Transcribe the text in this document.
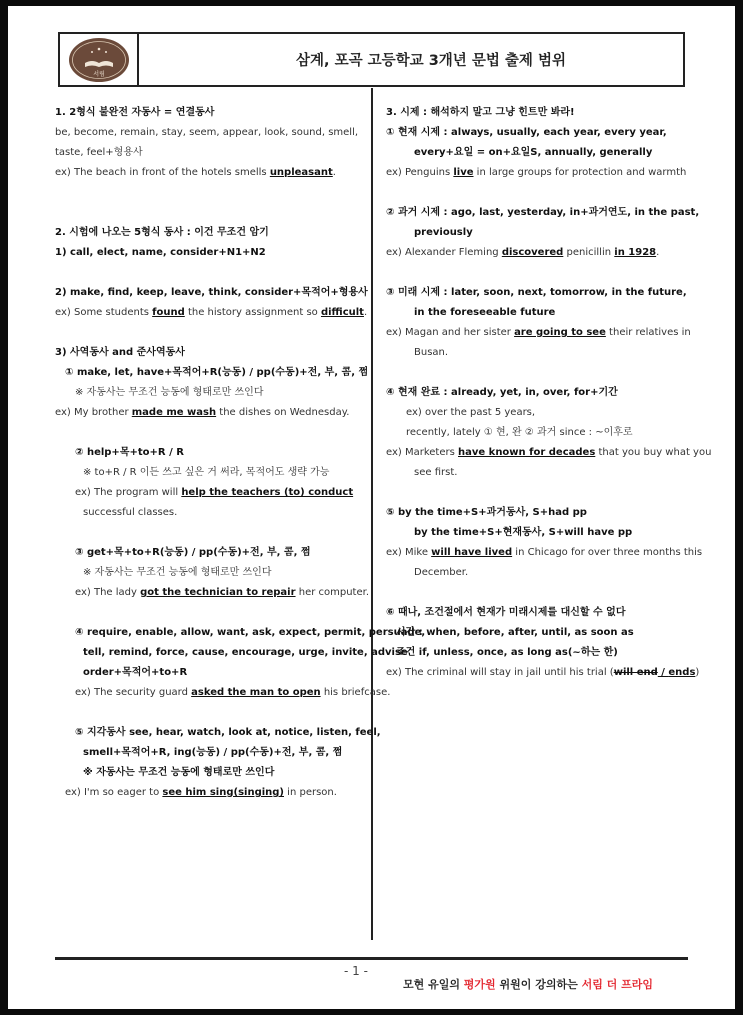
서림
삼계, 포곡 고등학교 3개년 문법 출제 범위
1. 2형식 불완전 자동사 = 연결동사
be, become, remain, stay, seem, appear, look, sound, smell,
taste, feel+형용사
ex) The beach in front of the hotels smells unpleasant.
2. 시험에 나오는 5형식 동사 : 이건 무조건 암기
1) call, elect, name, consider+N1+N2
2) make, find, keep, leave, think, consider+목적어+형용사
ex) Some students found the history assignment so difficult.
3) 사역동사 and 준사역동사
① make, let, have+목적어+R(능동) / pp(수동)+전, 부, 콤, 쩜
※ 자동사는 무조건 능동에 형태로만 쓰인다
ex) My brother made me wash the dishes on Wednesday.
② help+목+to+R / R
※ to+R / R 이든 쓰고 싶은 거 써라, 목적어도 생략 가능
ex) The program will help the teachers (to) conduct
successful classes.
③ get+목+to+R(능동) / pp(수동)+전, 부, 콤, 쩜
※ 자동사는 무조건 능동에 형태로만 쓰인다
ex) The lady got the technician to repair her computer.
④ require, enable, allow, want, ask, expect, permit, persuade,
tell, remind, force, cause, encourage, urge, invite, advise
order+목적어+to+R
ex) The security guard asked the man to open his briefcase.
⑤ 지각동사 see, hear, watch, look at, notice, listen, feel,
smell+목적어+R, ing(능동) / pp(수동)+전, 부, 콤, 쩜
※ 자동사는 무조건 능동에 형태로만 쓰인다
ex) I'm so eager to see him sing(singing) in person.
3. 시제 : 해석하지 말고 그냥 힌트만 봐라!
① 현재 시제 : always, usually, each year, every year,
every+요일 = on+요일S, annually, generally
ex) Penguins live in large groups for protection and warmth
② 과거 시제 : ago, last, yesterday, in+과거연도, in the past,
previously
ex) Alexander Fleming discovered penicillin in 1928.
③ 미래 시제 : later, soon, next, tomorrow, in the future,
in the foreseeable future
ex) Magan and her sister are going to see their relatives in
Busan.
④ 현재 완료 : already, yet, in, over, for+기간
ex) over the past 5 years,
recently, lately ① 현, 완 ② 과거 since : ~이후로
ex) Marketers have known for decades that you buy what you
see first.
⑤ by the time+S+과거동사, S+had pp
by the time+S+현재동사, S+will have pp
ex) Mike will have lived in Chicago for over three months this
December.
⑥ 때나, 조건절에서 현재가 미래시제를 대신할 수 없다
시간 : when, before, after, until, as soon as
조건 if, unless, once, as long as(~하는 한)
ex) The criminal will stay in jail until his trial (will end / ends)
- 1 -
모현 유일의 평가원 위원이 강의하는 서림 더 프라임
